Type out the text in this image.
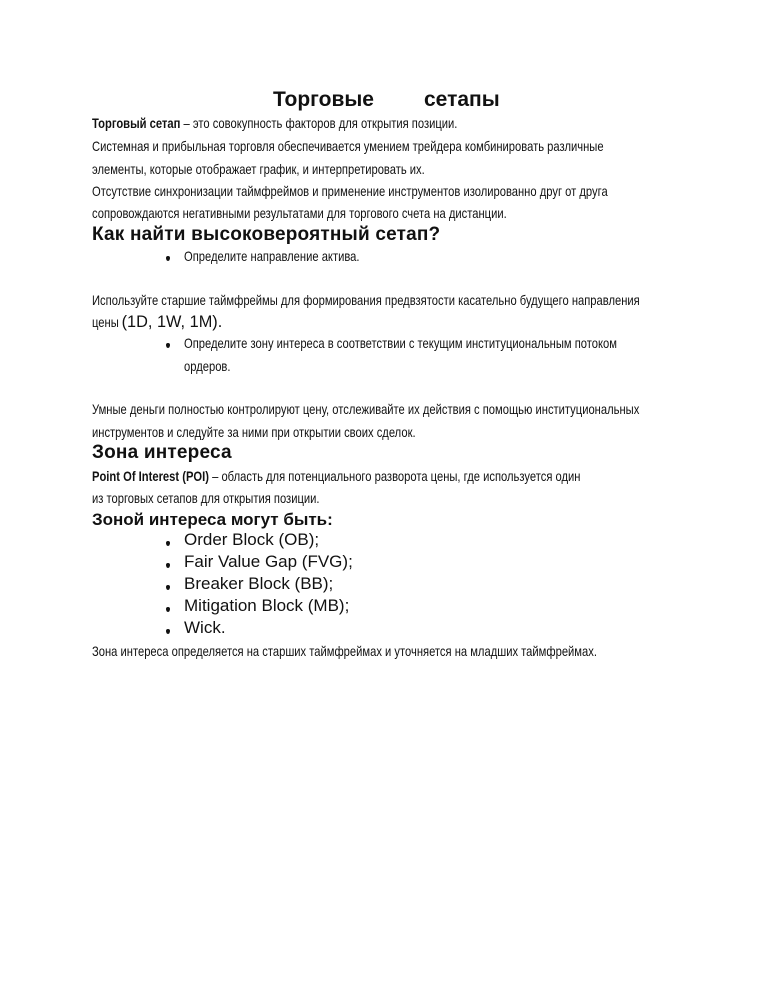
Торговые сетапы
Торговый сетап – это совокупность факторов для открытия позиции.
Системная и прибыльная торговля обеспечивается умением трейдера комбинировать различные
элементы, которые отображает график, и интерпретировать их.
Отсутствие синхронизации таймфреймов и применение инструментов изолированно друг от друга
сопровождаются негативными результатами для торгового счета на дистанции.
Как найти высоковероятный сетап?
Определите направление актива.
Используйте старшие таймфреймы для формирования предвзятости касательно будущего направления
цены (1D, 1W, 1M).
Определите зону интереса в соответствии с текущим институциональным потоком
ордеров.
Умные деньги полностью контролируют цену, отслеживайте их действия с помощью институциональных
инструментов и следуйте за ними при открытии своих сделок.
Зона интереса
Point Of Interest (POI) – область для потенциального разворота цены, где используется один
из торговых сетапов для открытия позиции.
Зоной интереса могут быть:
Order Block (OB);
Fair Value Gap (FVG);
Breaker Block (BB);
Mitigation Block (MB);
Wick.
Зона интереса определяется на старших таймфреймах и уточняется на младших таймфреймах.
